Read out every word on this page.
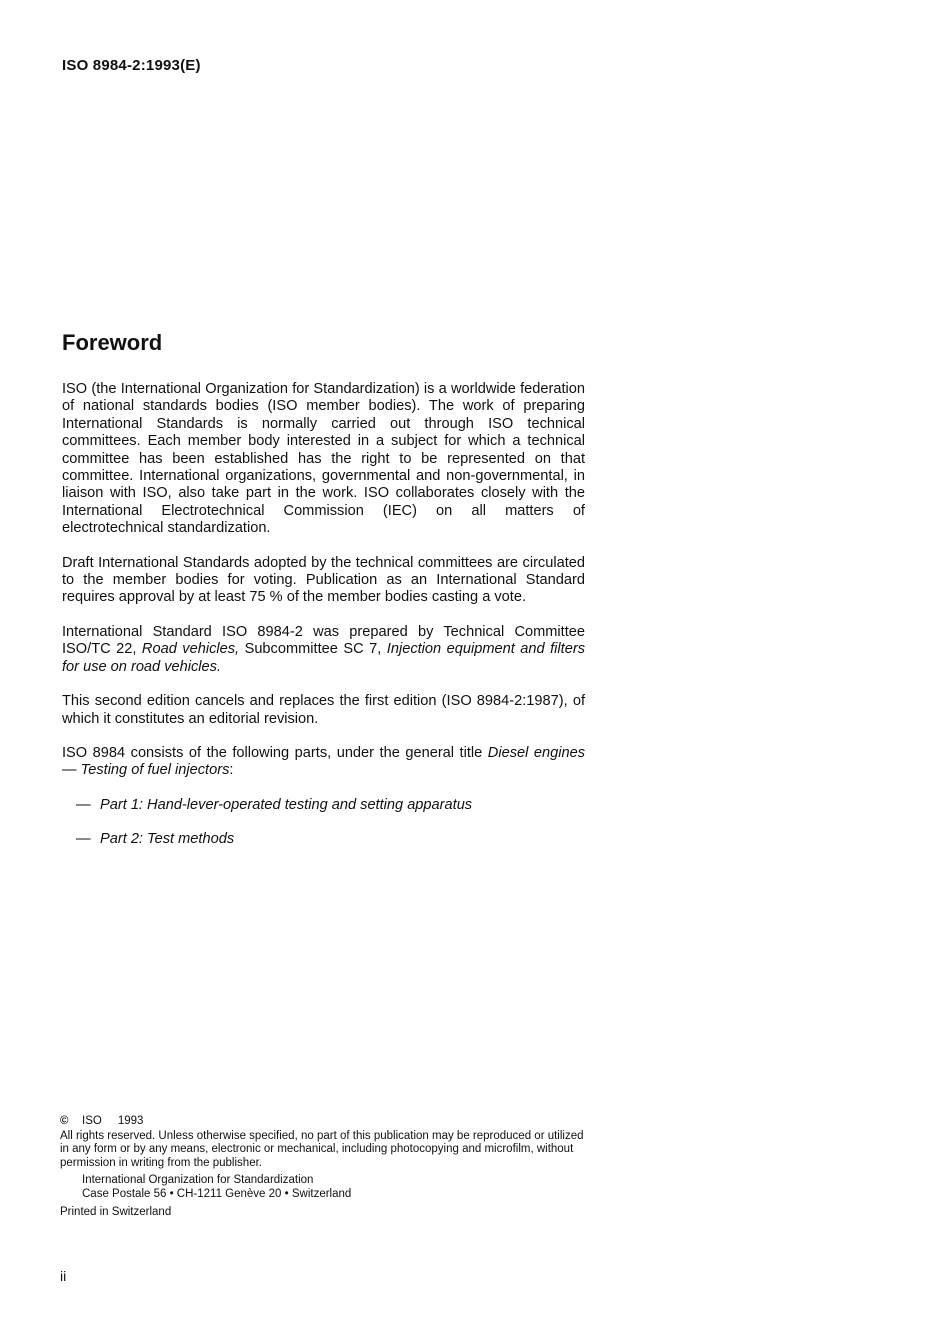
ISO 8984-2:1993(E)
Foreword

ISO (the International Organization for Standardization) is a worldwide federation of national standards bodies (ISO member bodies). The work of preparing International Standards is normally carried out through ISO technical committees. Each member body interested in a subject for which a technical committee has been established has the right to be represented on that committee. International organizations, governmental and non-governmental, in liaison with ISO, also take part in the work. ISO collaborates closely with the International Electrotechnical Commission (IEC) on all matters of electrotechnical standardization.

Draft International Standards adopted by the technical committees are circulated to the member bodies for voting. Publication as an International Standard requires approval by at least 75 % of the member bodies casting a vote.

International Standard ISO 8984-2 was prepared by Technical Committee ISO/TC 22, Road vehicles, Subcommittee SC 7, Injection equipment and filters for use on road vehicles.

This second edition cancels and replaces the first edition (ISO 8984-2:1987), of which it constitutes an editorial revision.

ISO 8984 consists of the following parts, under the general title Diesel engines — Testing of fuel injectors:

— Part 1: Hand-lever-operated testing and setting apparatus
— Part 2: Test methods
© ISO 1993

All rights reserved. Unless otherwise specified, no part of this publication may be reproduced or utilized in any form or by any means, electronic or mechanical, including photocopying and microfilm, without permission in writing from the publisher.

International Organization for Standardization
Case Postale 56 • CH-1211 Genève 20 • Switzerland
Printed in Switzerland
ii
